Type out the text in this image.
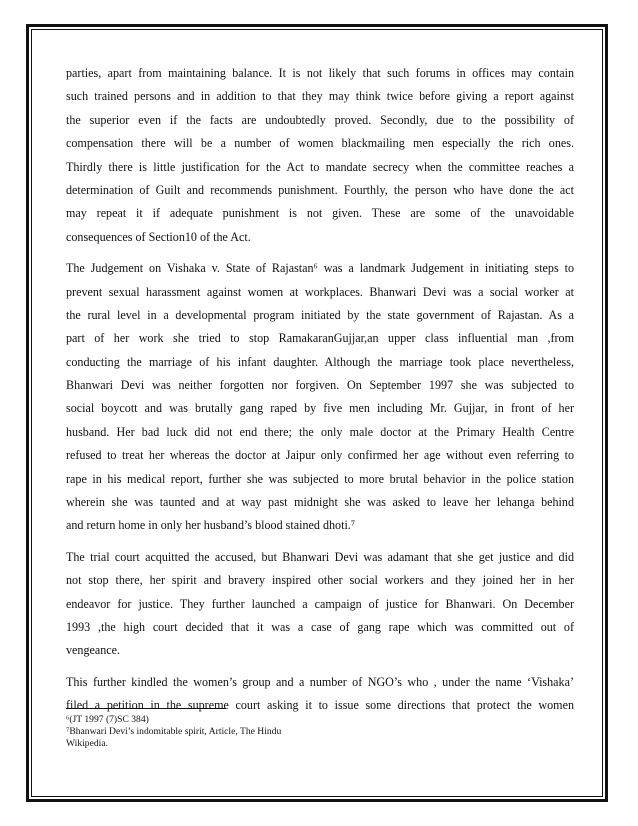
parties, apart from maintaining balance. It is not likely that such forums in offices may contain
such trained persons and in addition to that they may think twice before giving a report against
the superior even if the facts are undoubtedly proved. Secondly, due to the possibility of
compensation there will be a number of women blackmailing men especially the rich ones.
Thirdly there is little justification for the Act to mandate secrecy when the committee reaches a
determination of Guilt and recommends punishment. Fourthly, the person who have done the act
may repeat it if adequate punishment is not given. These are some of the unavoidable
consequences of Section10 of the Act.

The Judgement on Vishaka v. State of Rajastan⁶ was a landmark Judgement in initiating steps to
prevent sexual harassment against women at workplaces. Bhanwari Devi was a social worker at
the rural level in a developmental program initiated by the state government of Rajastan. As a
part of her work she tried to stop RamakaranGujjar,an upper class influential man ,from
conducting the marriage of his infant daughter. Although the marriage took place nevertheless,
Bhanwari Devi was neither forgotten nor forgiven. On September 1997 she was subjected to
social boycott and was brutally gang raped by five men including Mr. Gujjar, in front of her
husband. Her bad luck did not end there; the only male doctor at the Primary Health Centre
refused to treat her whereas the doctor at Jaipur only confirmed her age without even referring to
rape in his medical report, further she was subjected to more brutal behavior in the police station
wherein she was taunted and at way past midnight she was asked to leave her lehanga behind
and return home in only her husband’s blood stained dhoti.⁷

The trial court acquitted the accused, but Bhanwari Devi was adamant that she get justice and did
not stop there, her spirit and bravery inspired other social workers and they joined her in her
endeavor for justice. They further launched a campaign of justice for Bhanwari. On December
1993 ,the high court decided that it was a case of gang rape which was committed out of
vengeance.

This further kindled the women’s group and a number of NGO’s who , under the name ‘Vishaka’
filed a petition in the supreme court asking it to issue some directions that protect the women

⁶(JT 1997 (7)SC 384)
⁷Bhanwari Devi’s indomitable spirit, Article, The Hindu
Wikipedia.
